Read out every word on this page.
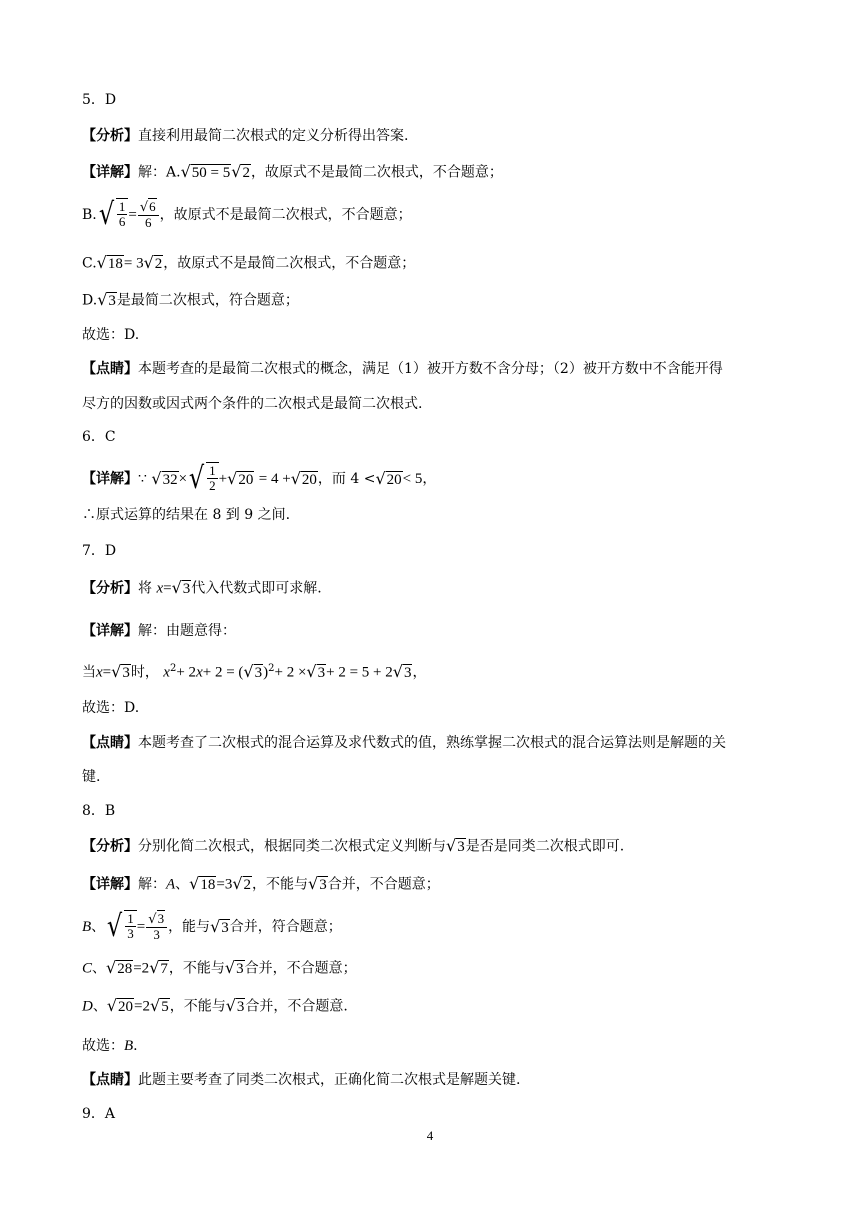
5．D
【分析】直接利用最简二次根式的定义分析得出答案.
【详解】解：A.√50 = 5√2，故原式不是最简二次根式，不合题意；
B. √ $\frac{1}{6} = \frac{√6}{6}$ ，故原式不是最简二次根式，不合题意；
C.√18= 3√2，故原式不是最简二次根式，不合题意；
D.√3是最简二次根式，符合题意；
故选：D.
【点睛】本题考查的是最简二次根式的概念，满足（1）被开方数不含分母；（2）被开方数中不含能开得
尽方的因数或因式两个条件的二次根式是最简二次根式.
6．C
【详解】∵ √32× √ $\frac{1}{2} +√20 = 4 +√20$，而 4 <√20< 5，
∴原式运算的结果在 8 到 9 之间.
7．D
【分析】将 x=√3代入代数式即可求解.
【详解】解：由题意得：
当x=√3时， $x^2+ 2x+ 2 = (√3)^2+ 2 \times√3+ 2 = 5 + 2√3$，
故选：D.
【点睛】本题考查了二次根式的混合运算及求代数式的值，熟练掌握二次根式的混合运算法则是解题的关
键.
8．B
【分析】分别化简二次根式，根据同类二次根式定义判断与√3是否是同类二次根式即可.
【详解】解：A、√18=3√2，不能与√3合并，不合题意；
B、 √ $\frac{1}{3} = \frac{√3}{3}$ ，能与√3合并，符合题意；
C、√28=2√7，不能与√3合并，不合题意；
D、√20=2√5，不能与√3合并，不合题意.
故选：B.
【点睛】此题主要考查了同类二次根式，正确化简二次根式是解题关键.
9．A
4
